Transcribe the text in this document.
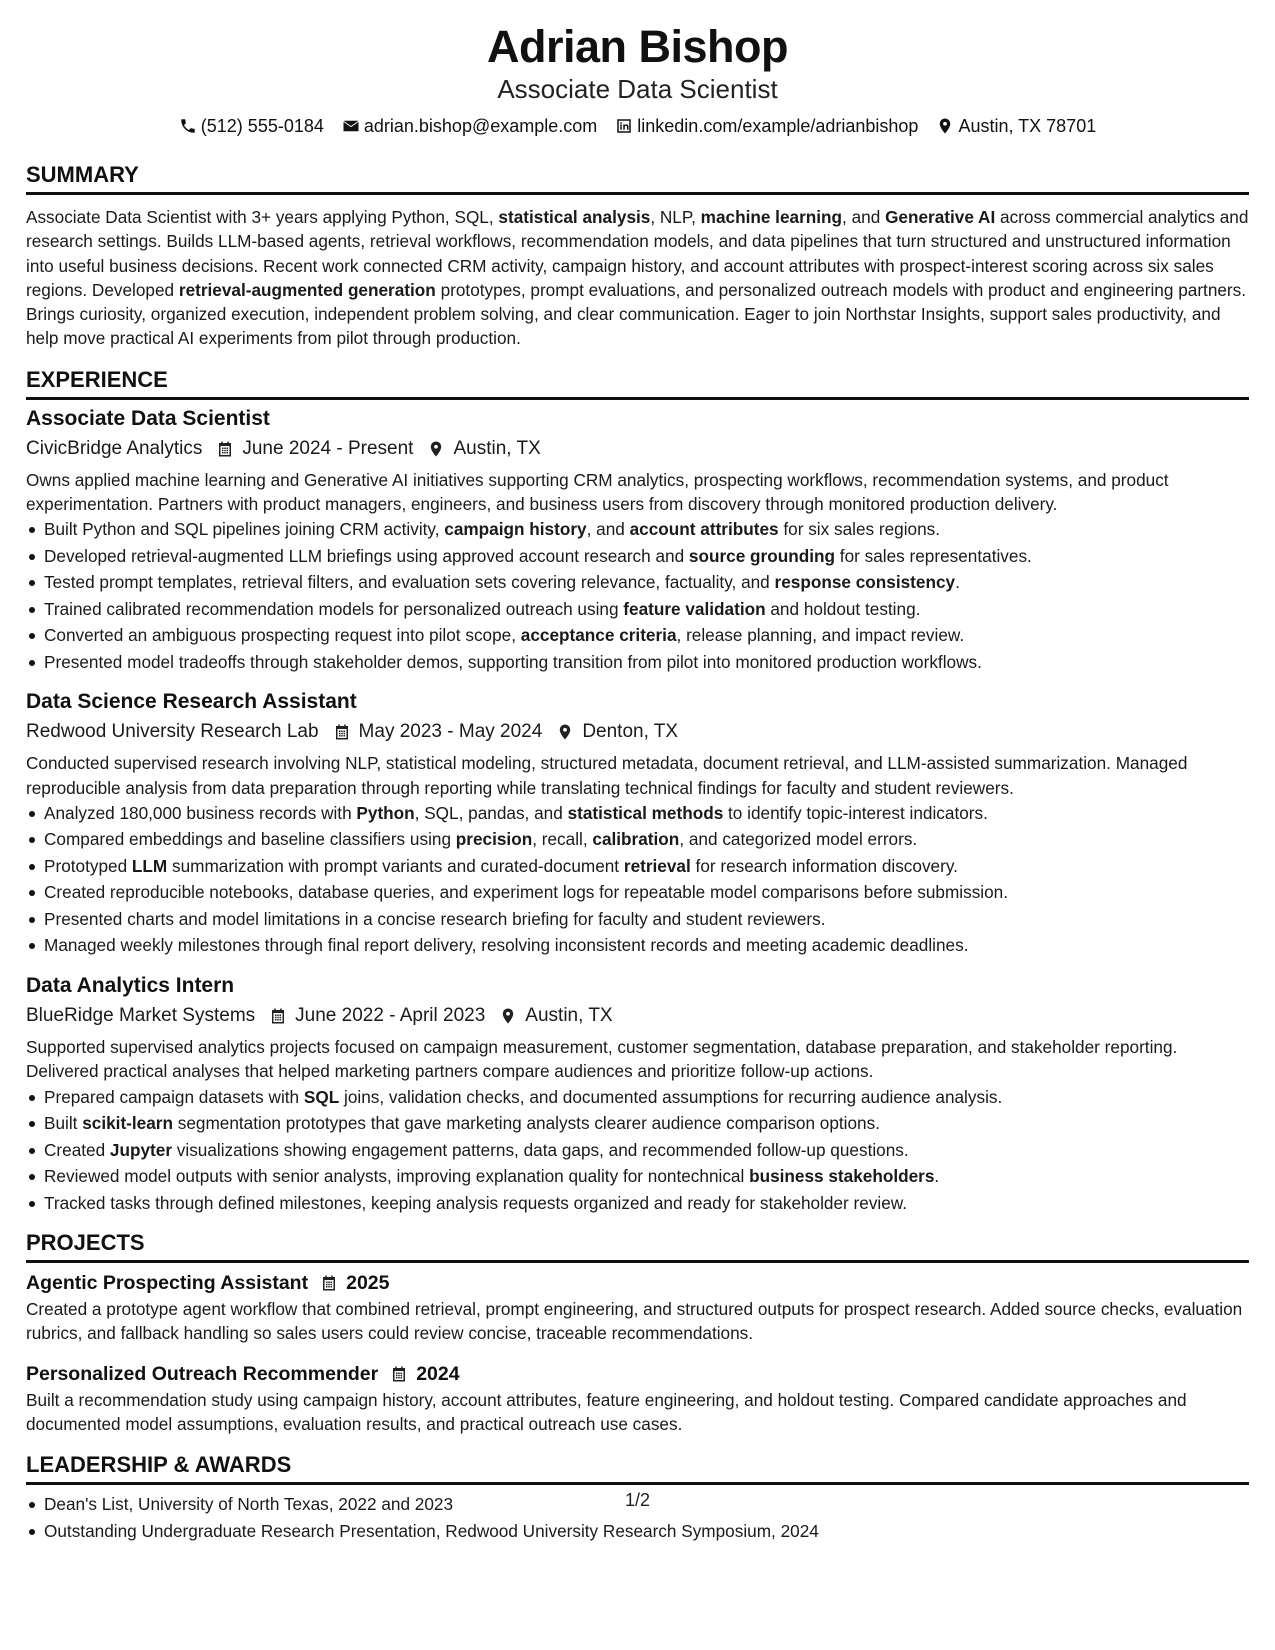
Adrian Bishop
Associate Data Scientist
(512) 555-0184 adrian.bishop@example.com linkedin.com/example/adrianbishop Austin, TX 78701
SUMMARY
Associate Data Scientist with 3+ years applying Python, SQL, statistical analysis, NLP, machine learning, and Generative AI across commercial analytics and research settings. Builds LLM-based agents, retrieval workflows, recommendation models, and data pipelines that turn structured and unstructured information into useful business decisions. Recent work connected CRM activity, campaign history, and account attributes with prospect-interest scoring across six sales regions. Developed retrieval-augmented generation prototypes, prompt evaluations, and personalized outreach models with product and engineering partners. Brings curiosity, organized execution, independent problem solving, and clear communication. Eager to join Northstar Insights, support sales productivity, and help move practical AI experiments from pilot through production.
EXPERIENCE
Associate Data Scientist
CivicBridge Analytics June 2024 - Present Austin, TX
Owns applied machine learning and Generative AI initiatives supporting CRM analytics, prospecting workflows, recommendation systems, and product experimentation. Partners with product managers, engineers, and business users from discovery through monitored production delivery.
Built Python and SQL pipelines joining CRM activity, campaign history, and account attributes for six sales regions.
Developed retrieval-augmented LLM briefings using approved account research and source grounding for sales representatives.
Tested prompt templates, retrieval filters, and evaluation sets covering relevance, factuality, and response consistency.
Trained calibrated recommendation models for personalized outreach using feature validation and holdout testing.
Converted an ambiguous prospecting request into pilot scope, acceptance criteria, release planning, and impact review.
Presented model tradeoffs through stakeholder demos, supporting transition from pilot into monitored production workflows.
Data Science Research Assistant
Redwood University Research Lab May 2023 - May 2024 Denton, TX
Conducted supervised research involving NLP, statistical modeling, structured metadata, document retrieval, and LLM-assisted summarization. Managed reproducible analysis from data preparation through reporting while translating technical findings for faculty and student reviewers.
Analyzed 180,000 business records with Python, SQL, pandas, and statistical methods to identify topic-interest indicators.
Compared embeddings and baseline classifiers using precision, recall, calibration, and categorized model errors.
Prototyped LLM summarization with prompt variants and curated-document retrieval for research information discovery.
Created reproducible notebooks, database queries, and experiment logs for repeatable model comparisons before submission.
Presented charts and model limitations in a concise research briefing for faculty and student reviewers.
Managed weekly milestones through final report delivery, resolving inconsistent records and meeting academic deadlines.
Data Analytics Intern
BlueRidge Market Systems June 2022 - April 2023 Austin, TX
Supported supervised analytics projects focused on campaign measurement, customer segmentation, database preparation, and stakeholder reporting. Delivered practical analyses that helped marketing partners compare audiences and prioritize follow-up actions.
Prepared campaign datasets with SQL joins, validation checks, and documented assumptions for recurring audience analysis.
Built scikit-learn segmentation prototypes that gave marketing analysts clearer audience comparison options.
Created Jupyter visualizations showing engagement patterns, data gaps, and recommended follow-up questions.
Reviewed model outputs with senior analysts, improving explanation quality for nontechnical business stakeholders.
Tracked tasks through defined milestones, keeping analysis requests organized and ready for stakeholder review.
PROJECTS
Agentic Prospecting Assistant 2025
Created a prototype agent workflow that combined retrieval, prompt engineering, and structured outputs for prospect research. Added source checks, evaluation rubrics, and fallback handling so sales users could review concise, traceable recommendations.
Personalized Outreach Recommender 2024
Built a recommendation study using campaign history, account attributes, feature engineering, and holdout testing. Compared candidate approaches and documented model assumptions, evaluation results, and practical outreach use cases.
LEADERSHIP & AWARDS
Dean's List, University of North Texas, 2022 and 2023
Outstanding Undergraduate Research Presentation, Redwood University Research Symposium, 2024
1/2
